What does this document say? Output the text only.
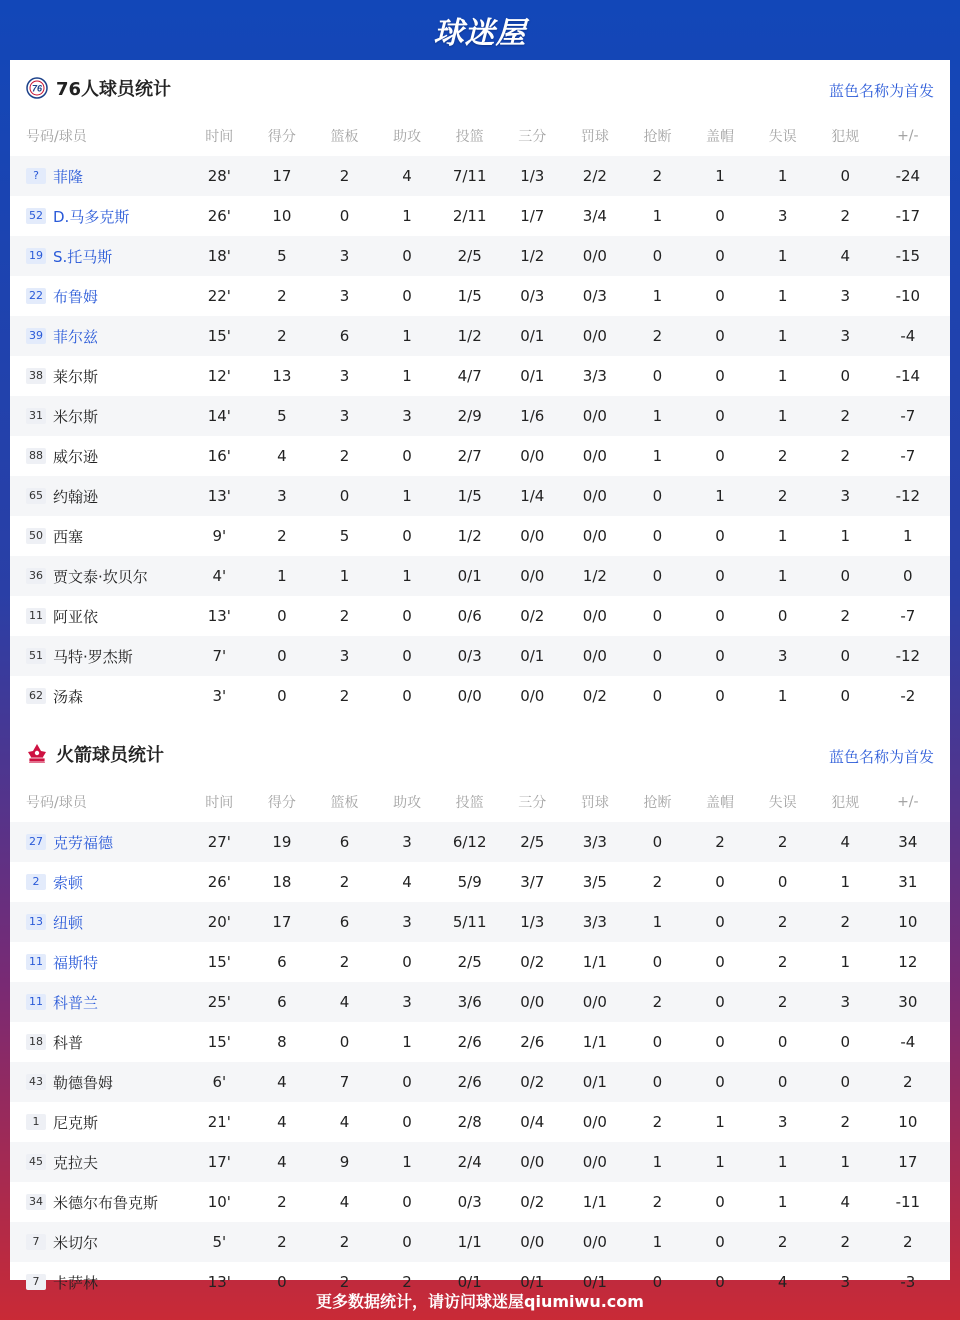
球迷屋
76 76人球员统计	蓝色名称为首发
号码/球员	时间	得分	篮板	助攻	投篮	三分	罚球	抢断	盖帽	失误	犯规	+/-
? 菲隆	28'	17	2	4	7/11	1/3	2/2	2	1	1	0	-24
52 D.马多克斯	26'	10	0	1	2/11	1/7	3/4	1	0	3	2	-17
19 S.托马斯	18'	5	3	0	2/5	1/2	0/0	0	0	1	4	-15
22 布鲁姆	22'	2	3	0	1/5	0/3	0/3	1	0	1	3	-10
39 菲尔兹	15'	2	6	1	1/2	0/1	0/0	2	0	1	3	-4
38 莱尔斯	12'	13	3	1	4/7	0/1	3/3	0	0	1	0	-14
31 米尔斯	14'	5	3	3	2/9	1/6	0/0	1	0	1	2	-7
88 威尔逊	16'	4	2	0	2/7	0/0	0/0	1	0	2	2	-7
65 约翰逊	13'	3	0	1	1/5	1/4	0/0	0	1	2	3	-12
50 西塞	9'	2	5	0	1/2	0/0	0/0	0	0	1	1	1
36 贾文泰·坎贝尔	4'	1	1	1	0/1	0/0	1/2	0	0	1	0	0
11 阿亚依	13'	0	2	0	0/6	0/2	0/0	0	0	0	2	-7
51 马特·罗杰斯	7'	0	3	0	0/3	0/1	0/0	0	0	3	0	-12
62 汤森	3'	0	2	0	0/0	0/0	0/2	0	0	1	0	-2
火箭球员统计	蓝色名称为首发
号码/球员	时间	得分	篮板	助攻	投篮	三分	罚球	抢断	盖帽	失误	犯规	+/-
27 克劳福德	27'	19	6	3	6/12	2/5	3/3	0	2	2	4	34
2 索顿	26'	18	2	4	5/9	3/7	3/5	2	0	0	1	31
13 纽顿	20'	17	6	3	5/11	1/3	3/3	1	0	2	2	10
11 福斯特	15'	6	2	0	2/5	0/2	1/1	0	0	2	1	12
11 科普兰	25'	6	4	3	3/6	0/0	0/0	2	0	2	3	30
18 科普	15'	8	0	1	2/6	2/6	1/1	0	0	0	0	-4
43 勒德鲁姆	6'	4	7	0	2/6	0/2	0/1	0	0	0	0	2
1 尼克斯	21'	4	4	0	2/8	0/4	0/0	2	1	3	2	10
45 克拉夫	17'	4	9	1	2/4	0/0	0/0	1	1	1	1	17
34 米德尔布鲁克斯	10'	2	4	0	0/3	0/2	1/1	2	0	1	4	-11
7 米切尔	5'	2	2	0	1/1	0/0	0/0	1	0	2	2	2
7 卡萨林	13'	0	2	2	0/1	0/1	0/1	0	0	4	3	-3
更多数据统计，请访问球迷屋qiumiwu.com
